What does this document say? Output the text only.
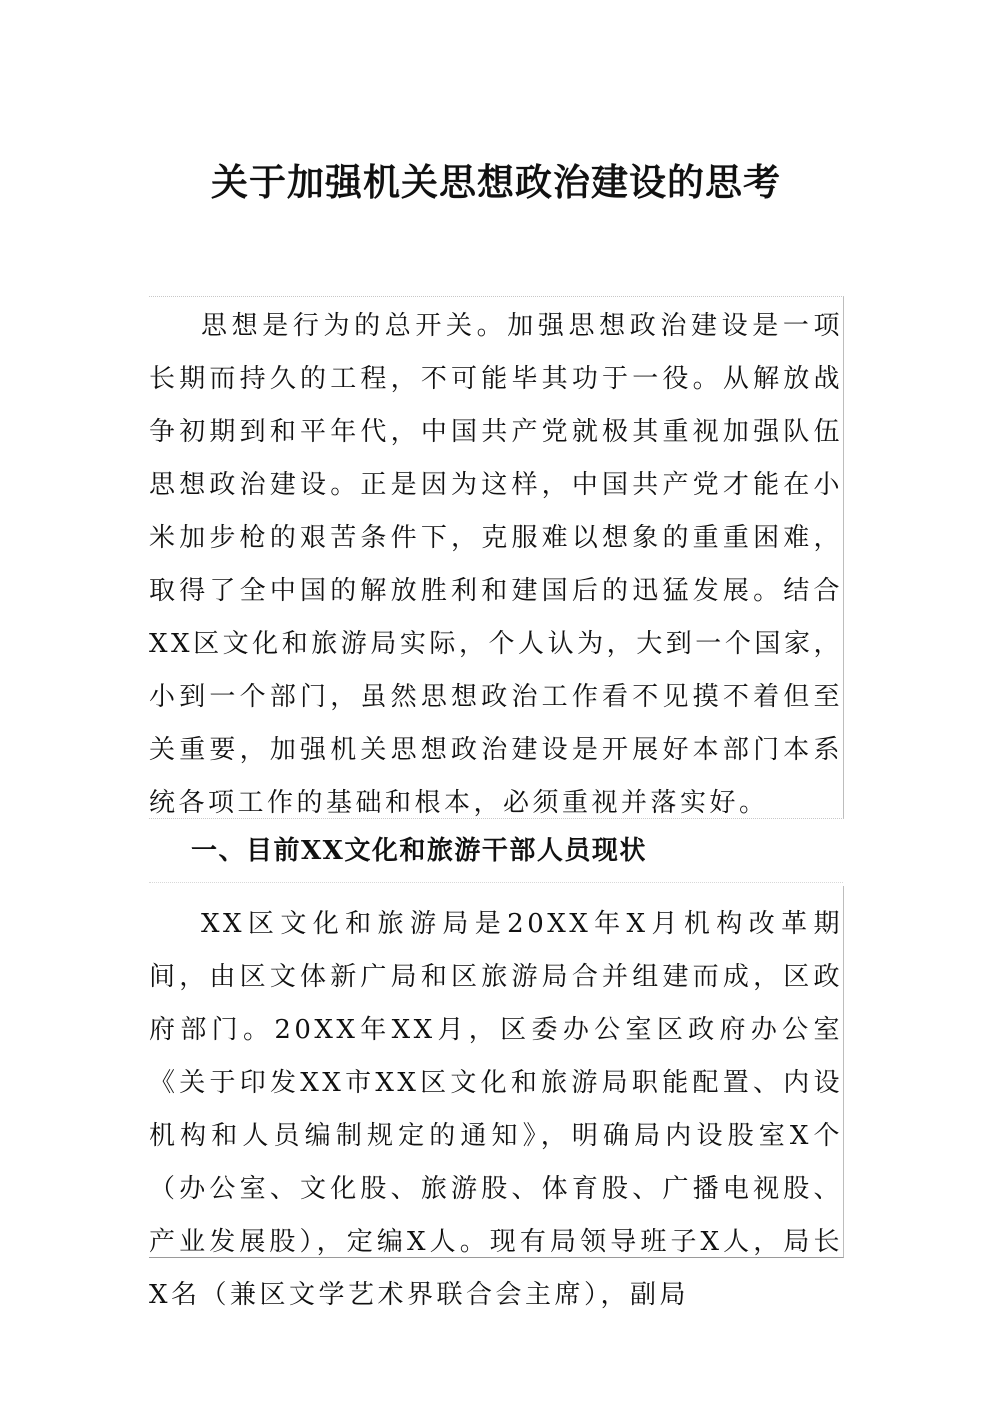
关于加强机关思想政治建设的思考

思想是行为的总开关。加强思想政治建设是一项长期而持久的工程，不可能毕其功于一役。从解放战争初期到和平年代，中国共产党就极其重视加强队伍思想政治建设。正是因为这样，中国共产党才能在小米加步枪的艰苦条件下，克服难以想象的重重困难，取得了全中国的解放胜利和建国后的迅猛发展。结合XX区文化和旅游局实际，个人认为，大到一个国家，小到一个部门，虽然思想政治工作看不见摸不着但至关重要，加强机关思想政治建设是开展好本部门本系统各项工作的基础和根本，必须重视并落实好。

一、目前XX文化和旅游干部人员现状

XX区文化和旅游局是20XX年X月机构改革期间，由区文体新广局和区旅游局合并组建而成，区政府部门。20XX年XX月，区委办公室区政府办公室《关于印发XX市XX区文化和旅游局职能配置、内设机构和人员编制规定的通知》，明确局内设股室X个（办公室、文化股、旅游股、体育股、广播电视股、产业发展股），定编X人。现有局领导班子X人，局长X名（兼区文学艺术界联合会主席），副局
